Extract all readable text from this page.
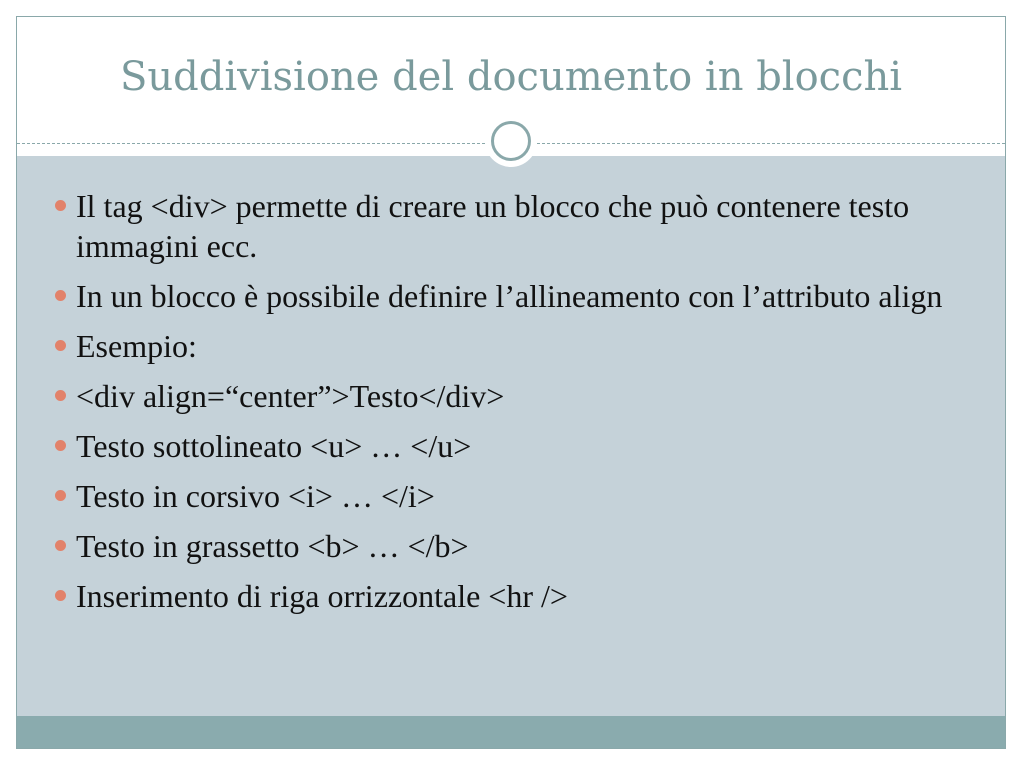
Suddivisione del documento in blocchi
Il tag <div> permette di creare un blocco che può contenere testo immagini ecc.
In un blocco è possibile definire l’allineamento con l’attributo align
Esempio:
<div align=“center”>Testo</div>
Testo sottolineato <u> … </u>
Testo in corsivo <i> … </i>
Testo in grassetto <b> … </b>
Inserimento di riga orrizzontale <hr />
